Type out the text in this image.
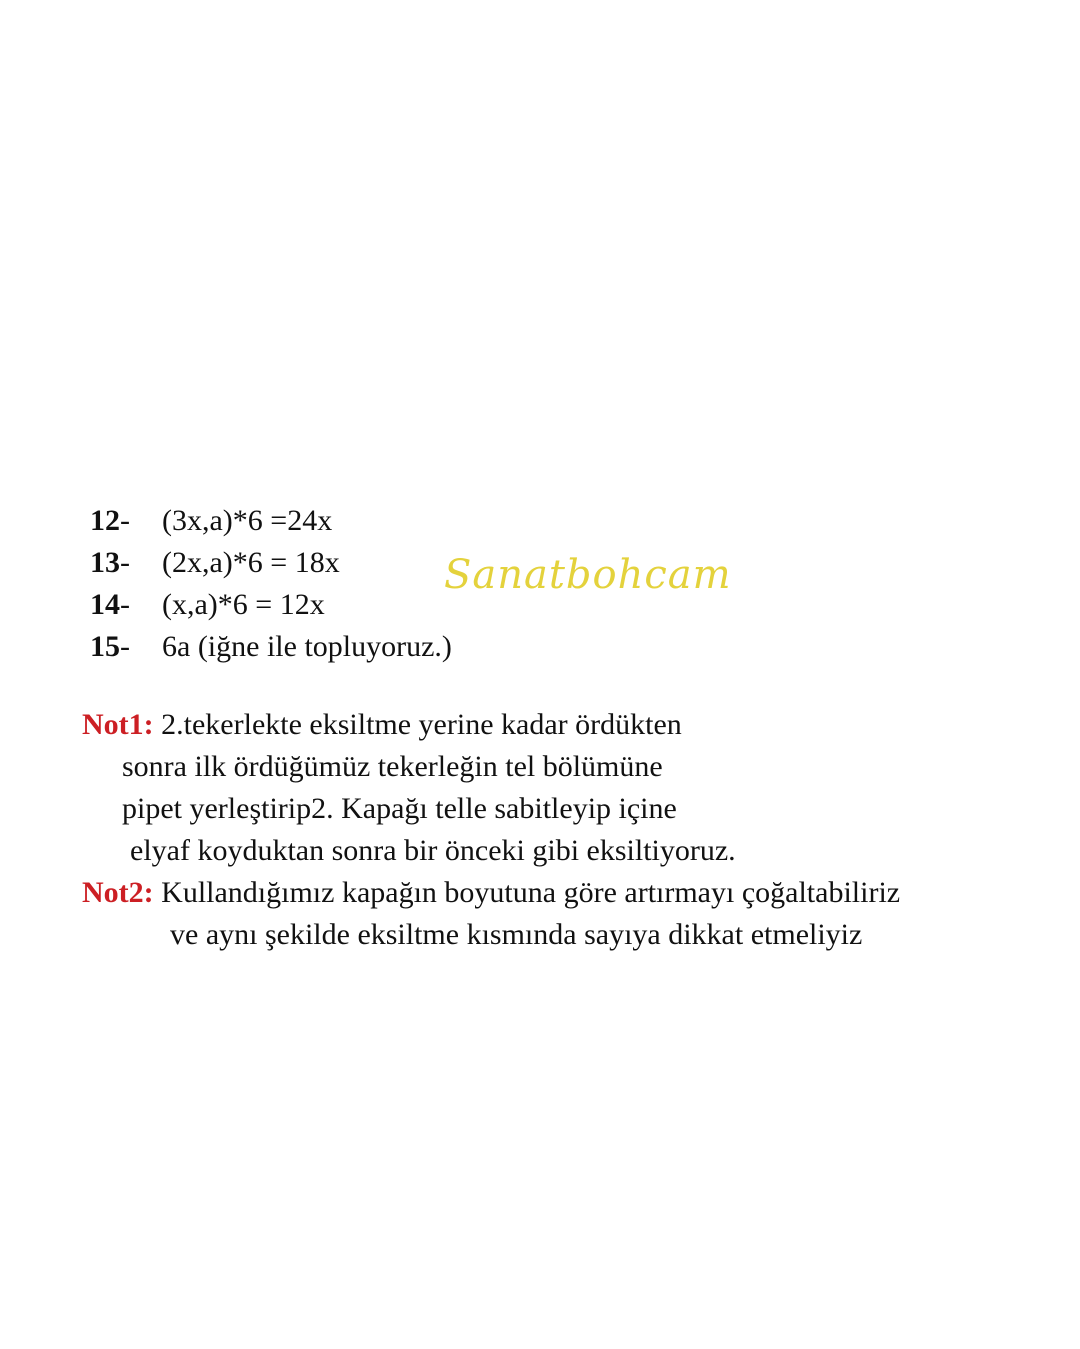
12- (3x,a)*6 =24x
13- (2x,a)*6 = 18x
14- (x,a)*6 = 12x
15- 6a (iğne ile topluyoruz.)
Sanatbohcam
Not1: 2.tekerlekte eksiltme yerine kadar ördükten
sonra ilk ördüğümüz tekerleğin tel bölümüne
pipet yerleştirip2. Kapağı telle sabitleyip içine
elyaf koyduktan sonra bir önceki gibi eksiltiyoruz.
Not2: Kullandığımız kapağın boyutuna göre artırmayı çoğaltabiliriz
ve aynı şekilde eksiltme kısmında sayıya dikkat etmeliyiz
